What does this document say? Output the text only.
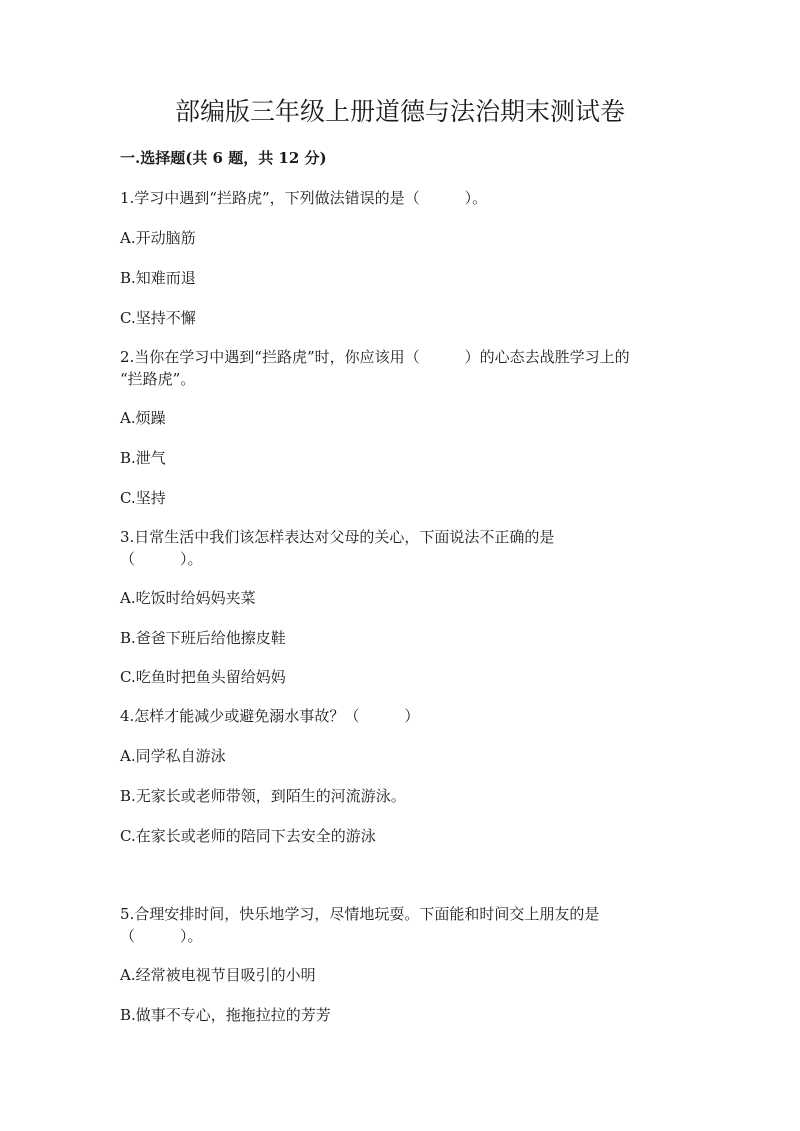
部编版三年级上册道德与法治期末测试卷
一.选择题(共 6 题，共 12 分)
1.学习中遇到“拦路虎”，下列做法错误的是（　　　）。
A.开动脑筋
B.知难而退
C.坚持不懈
2.当你在学习中遇到“拦路虎”时，你应该用（　　　）的心态去战胜学习上的
“拦路虎”。
A.烦躁
B.泄气
C.坚持
3.日常生活中我们该怎样表达对父母的关心，下面说法不正确的是
（　　　）。
A.吃饭时给妈妈夹菜
B.爸爸下班后给他擦皮鞋
C.吃鱼时把鱼头留给妈妈
4.怎样才能减少或避免溺水事故？（　　　）
A.同学私自游泳
B.无家长或老师带领，到陌生的河流游泳。
C.在家长或老师的陪同下去安全的游泳
5.合理安排时间，快乐地学习，尽情地玩耍。下面能和时间交上朋友的是
（　　　）。
A.经常被电视节目吸引的小明
B.做事不专心，拖拖拉拉的芳芳
